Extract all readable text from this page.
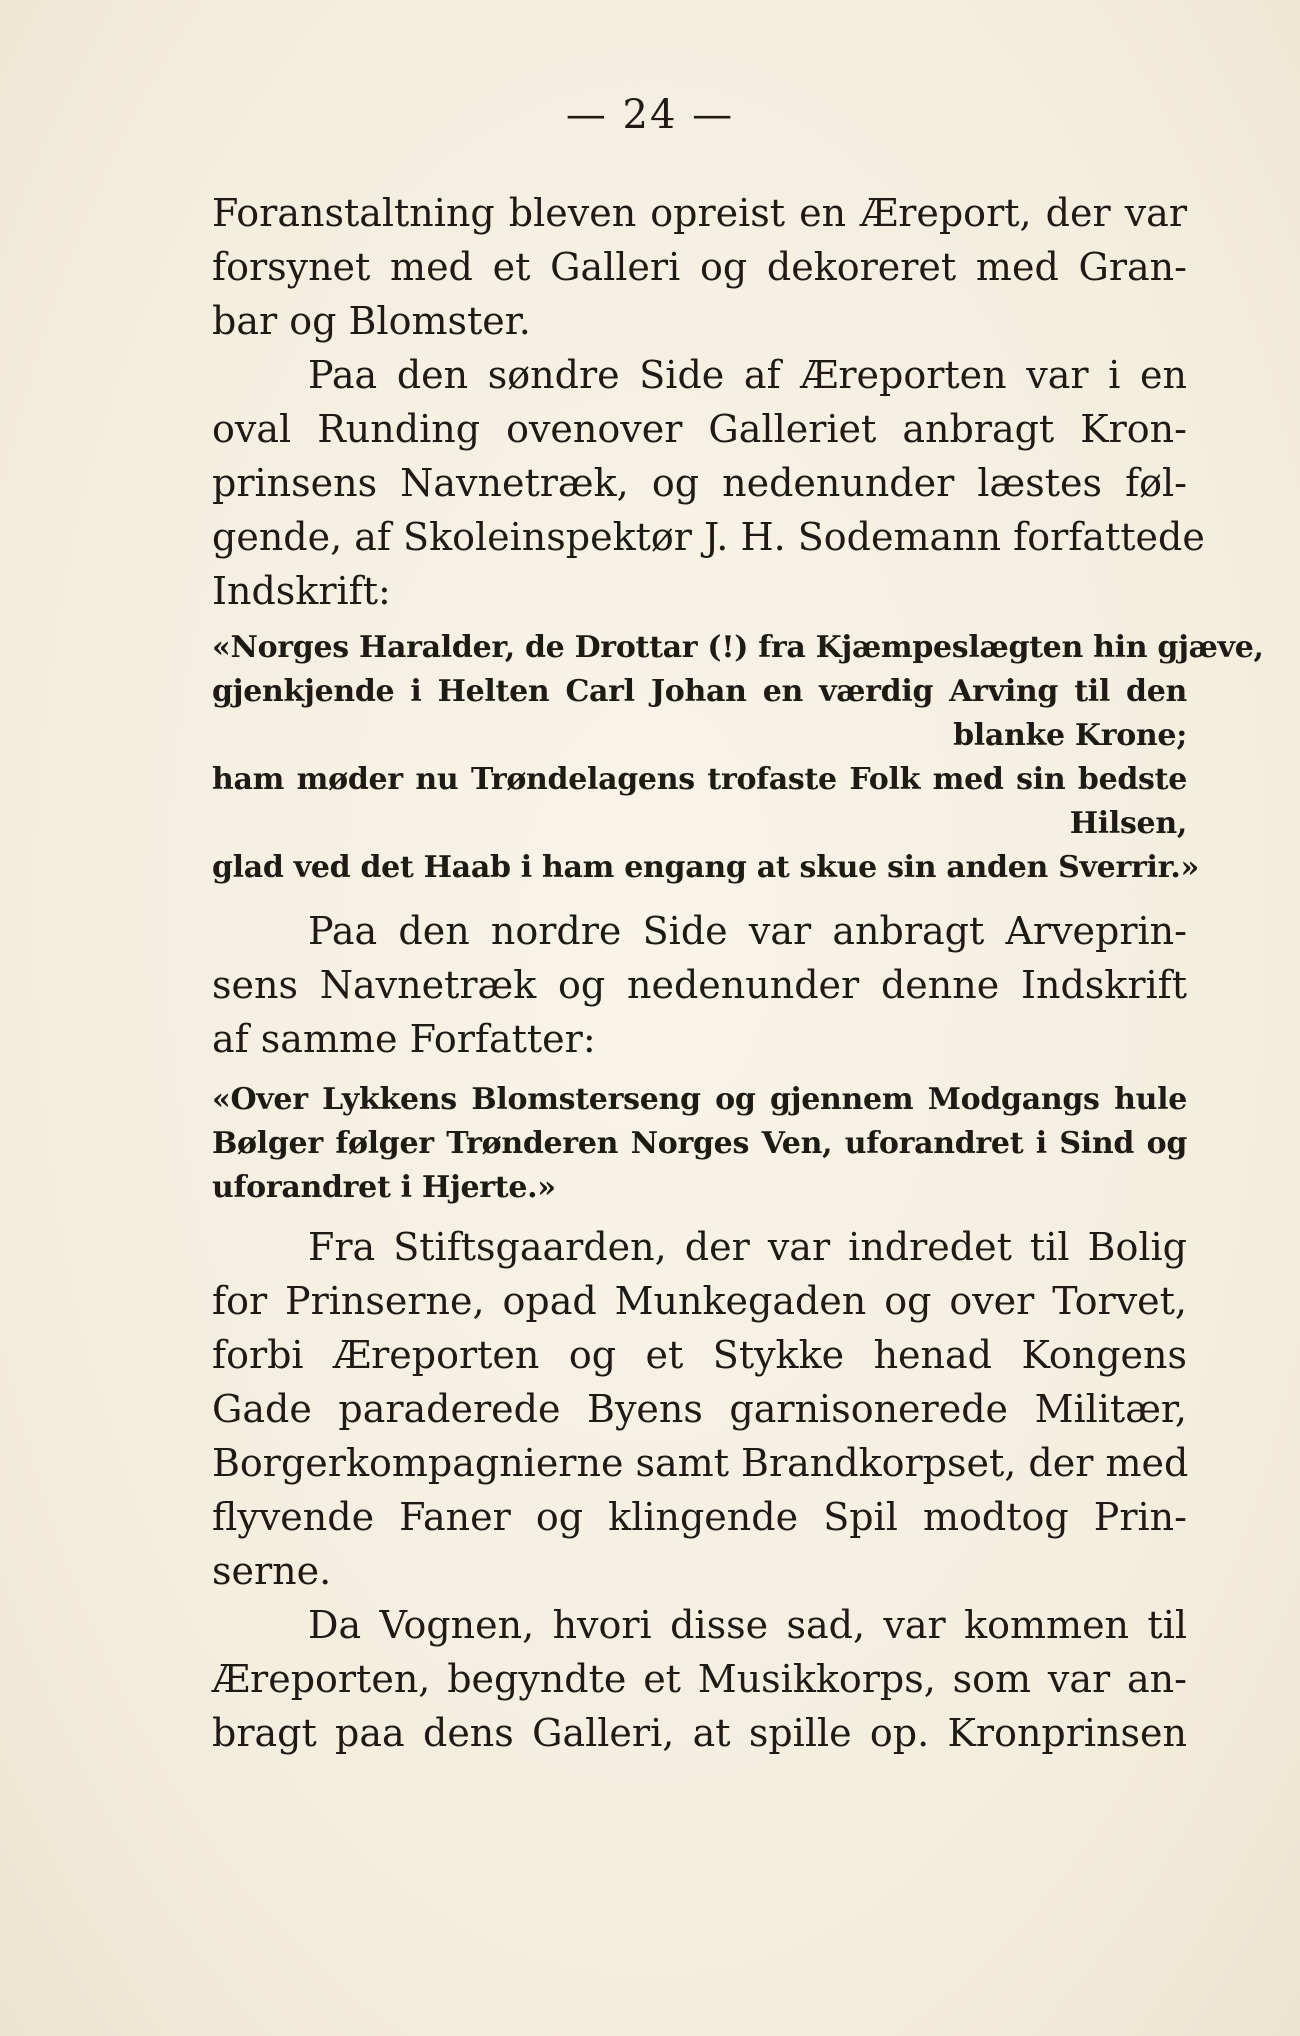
— 24 —
Foranstaltning bleven opreist en Æreport, der var
forsynet med et Galleri og dekoreret med Gran-
bar og Blomster.
Paa den søndre Side af Æreporten var i en
oval Runding ovenover Galleriet anbragt Kron-
prinsens Navnetræk, og nedenunder læstes føl-
gende, af Skoleinspektør J. H. Sodemann forfattede
Indskrift:
«Norges Haralder, de Drottar (!) fra Kjæmpeslægten hin gjæve,
gjenkjende i Helten Carl Johan en værdig Arving til den
blanke Krone;
ham møder nu Trøndelagens trofaste Folk med sin bedste
Hilsen,
glad ved det Haab i ham engang at skue sin anden Sverrir.»
Paa den nordre Side var anbragt Arveprin-
sens Navnetræk og nedenunder denne Indskrift
af samme Forfatter:
«Over Lykkens Blomsterseng og gjennem Modgangs hule
Bølger følger Trønderen Norges Ven, uforandret i Sind og
uforandret i Hjerte.»
Fra Stiftsgaarden, der var indredet til Bolig
for Prinserne, opad Munkegaden og over Torvet,
forbi Æreporten og et Stykke henad Kongens
Gade paraderede Byens garnisonerede Militær,
Borgerkompagnierne samt Brandkorpset, der med
flyvende Faner og klingende Spil modtog Prin-
serne.
Da Vognen, hvori disse sad, var kommen til
Æreporten, begyndte et Musikkorps, som var an-
bragt paa dens Galleri, at spille op. Kronprinsen
